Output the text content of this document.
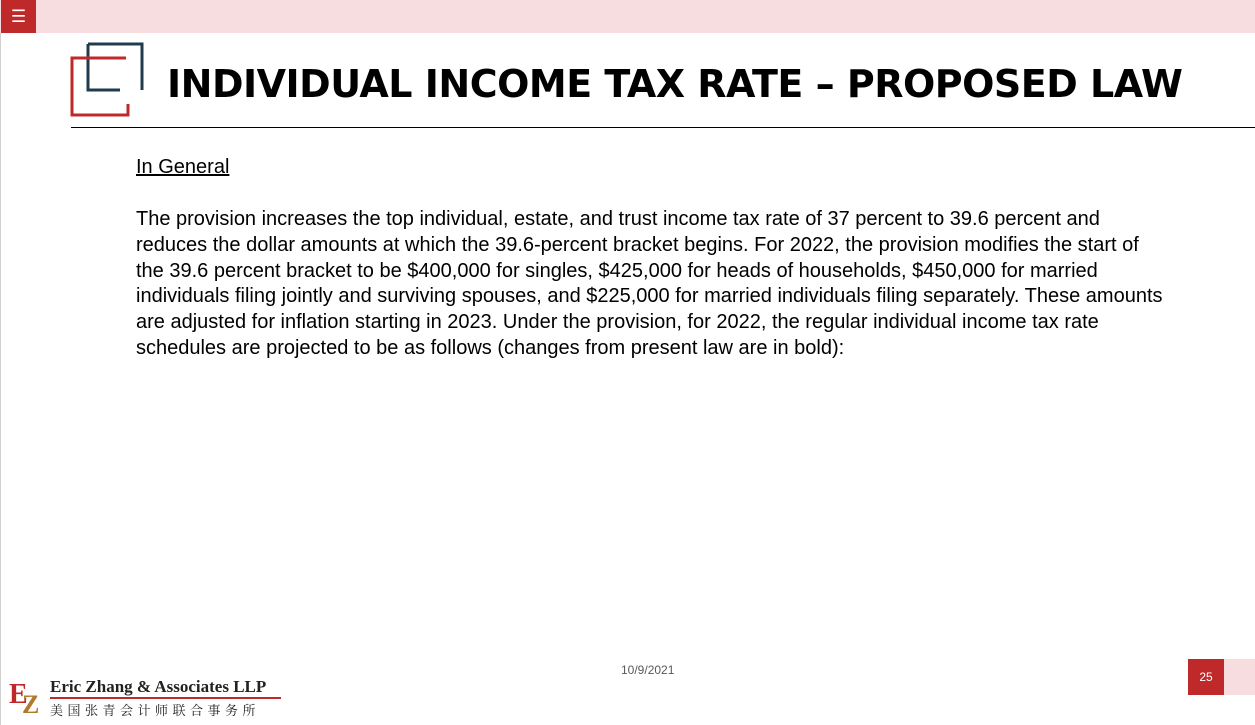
☰
INDIVIDUAL INCOME TAX RATE – PROPOSED LAW
In General

The provision increases the top individual, estate, and trust income tax rate of 37 percent to 39.6 percent and reduces the dollar amounts at which the 39.6-percent bracket begins. For 2022, the provision modifies the start of the 39.6 percent bracket to be $400,000 for singles, $425,000 for heads of households, $450,000 for married individuals filing jointly and surviving spouses, and $225,000 for married individuals filing separately. These amounts are adjusted for inflation starting in 2023. Under the provision, for 2022, the regular individual income tax rate schedules are projected to be as follows (changes from present law are in bold):

10/9/2021	25
E
Z
Eric Zhang & Associates LLP
美国张青会计师联合事务所
